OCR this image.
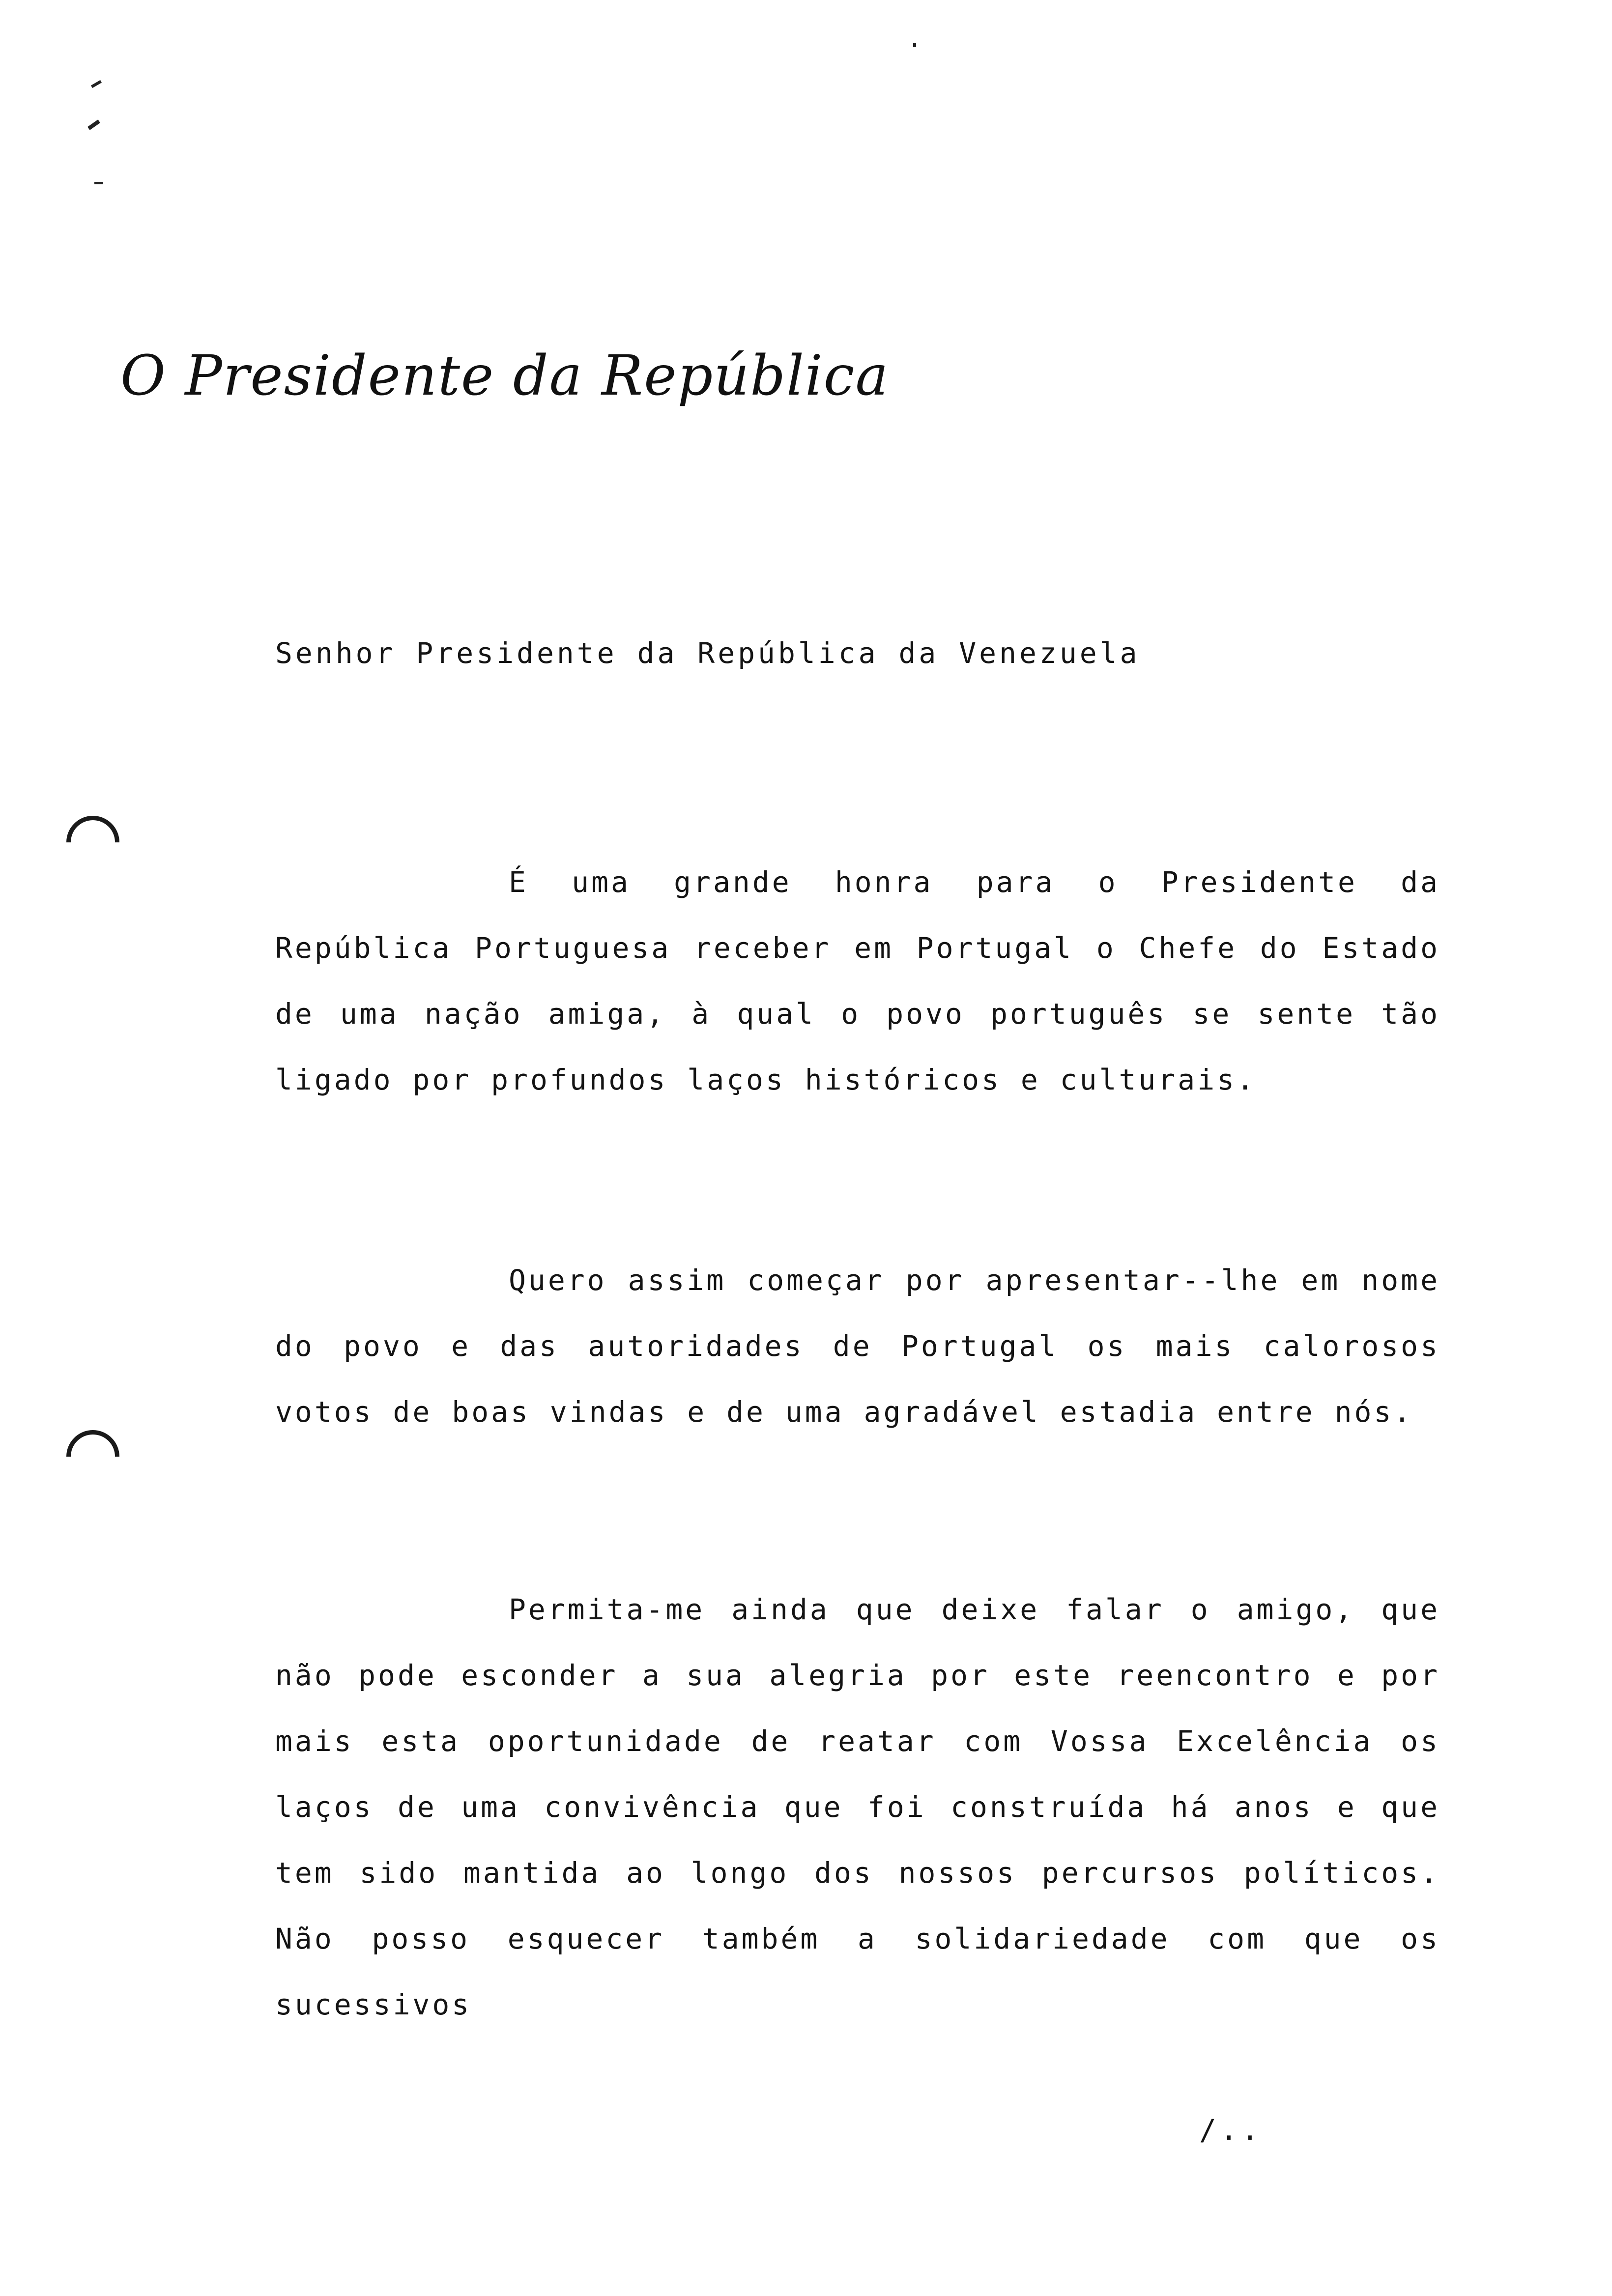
O Presidente da República
Senhor Presidente da República da Venezuela

É uma grande honra para o Presidente da República Portuguesa receber em Portugal o Chefe do Estado de uma nação amiga, à qual o povo português se sente tão ligado por profundos laços históricos e culturais.

Quero assim começar por apresentar--lhe em nome do povo e das autoridades de Portugal os mais calorosos votos de boas vindas e de uma agradável estadia entre nós.

Permita-me ainda que deixe falar o amigo, que não pode esconder a sua alegria por este reencontro e por mais esta oportunidade de reatar com Vossa Excelência os laços de uma convivência que foi construída há anos e que tem sido mantida ao longo dos nossos percursos políticos. Não posso esquecer também a solidariedade com que os sucessivos

/..
